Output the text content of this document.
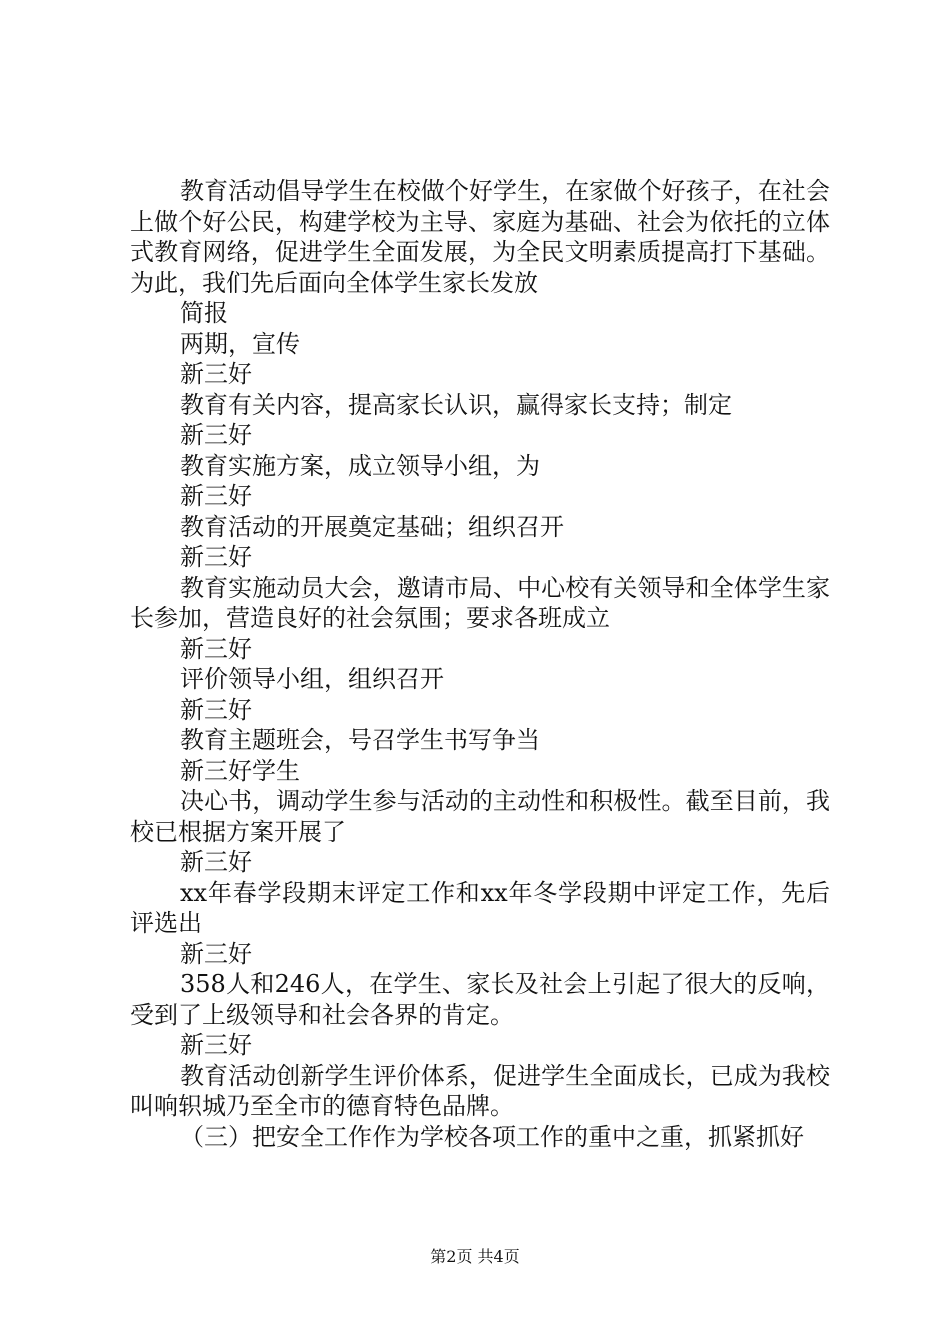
教育活动倡导学生在校做个好学生，在家做个好孩子，在社会上做个好公民，构建学校为主导、家庭为基础、社会为依托的立体式教育网络，促进学生全面发展，为全民文明素质提高打下基础。为此，我们先后面向全体学生家长发放

简报

两期，宣传

新三好

教育有关内容，提高家长认识，赢得家长支持；制定

新三好

教育实施方案，成立领导小组，为

新三好

教育活动的开展奠定基础；组织召开

新三好

教育实施动员大会，邀请市局、中心校有关领导和全体学生家长参加，营造良好的社会氛围；要求各班成立

新三好

评价领导小组，组织召开

新三好

教育主题班会，号召学生书写争当

新三好学生

决心书，调动学生参与活动的主动性和积极性。截至目前，我校已根据方案开展了

新三好

xx年春学段期末评定工作和xx年冬学段期中评定工作，先后评选出

新三好

358人和246人，在学生、家长及社会上引起了很大的反响，受到了上级领导和社会各界的肯定。

新三好

教育活动创新学生评价体系，促进学生全面成长，已成为我校叫响轵城乃至全市的德育特色品牌。

（三）把安全工作作为学校各项工作的重中之重，抓紧抓好

第2页 共4页
